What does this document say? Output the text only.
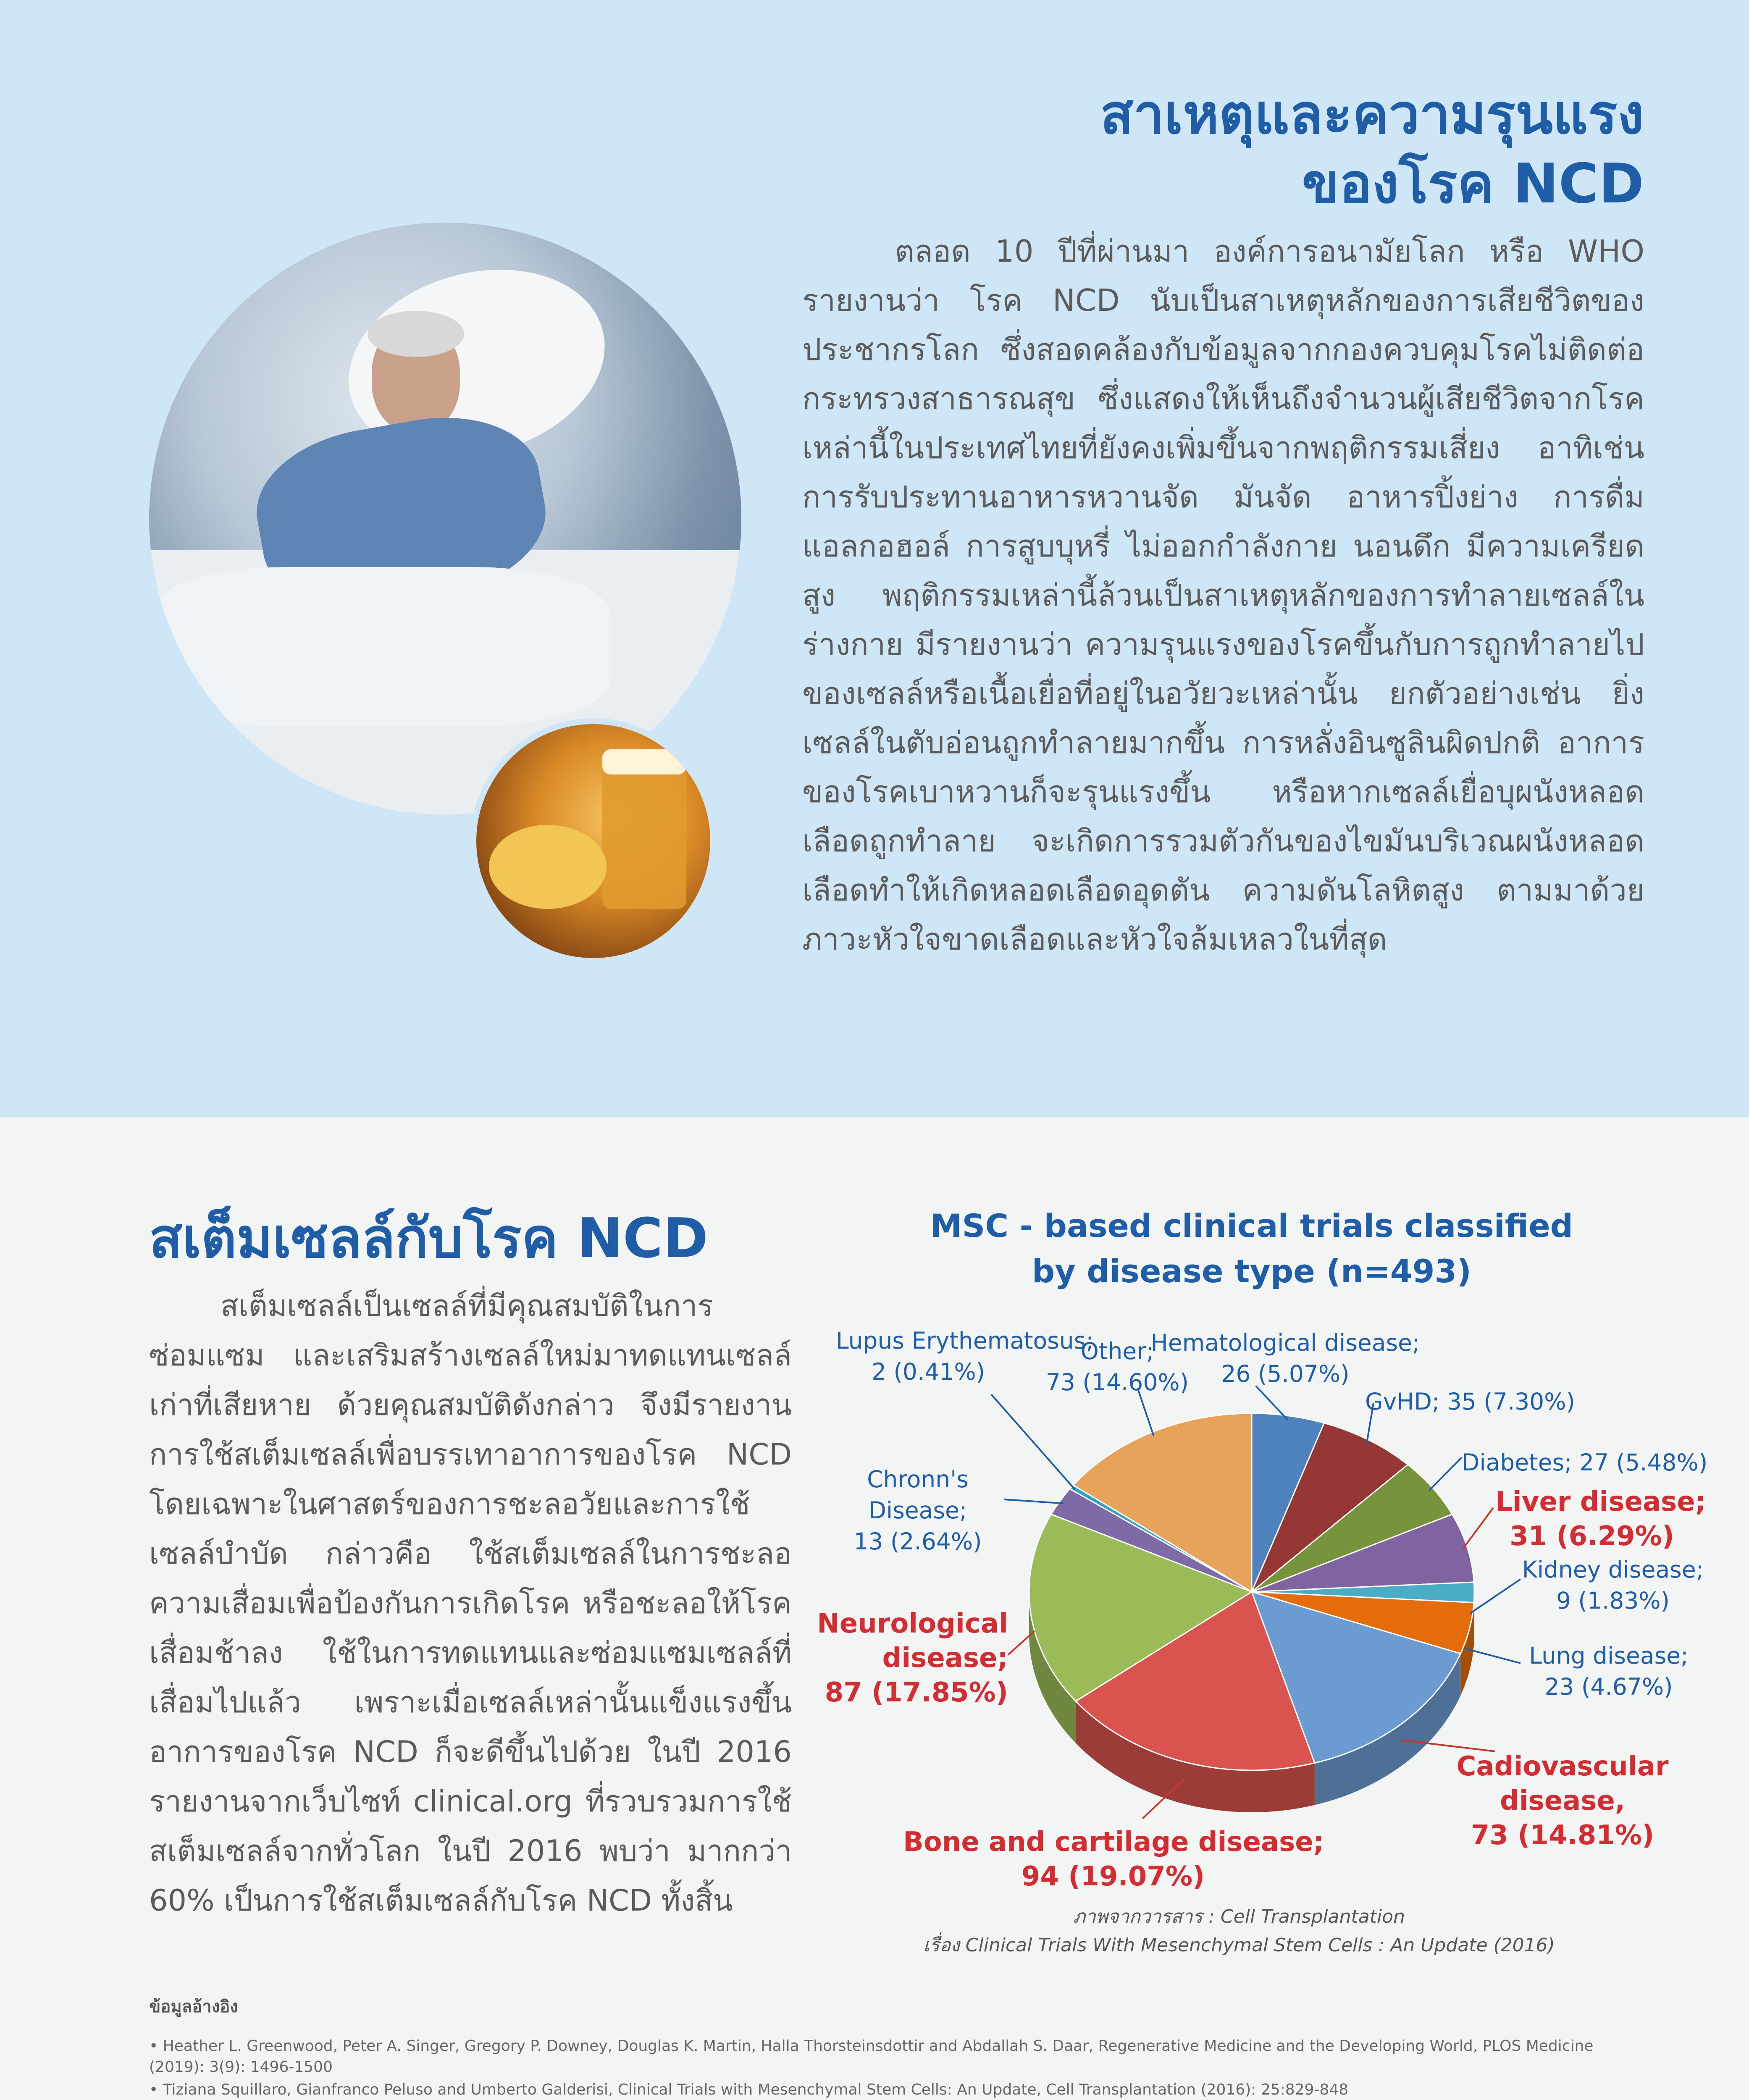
สาเหตุและความรุนแรง
ของโรค NCD
ตลอด 10 ปีที่ผ่านมา องค์การอนามัยโลก หรือ WHO รายงานว่า โรค NCD นับเป็นสาเหตุหลักของการเสียชีวิตของประชากรโลก ซึ่งสอดคล้องกับข้อมูลจากกองควบคุมโรคไม่ติดต่อ กระทรวงสาธารณสุข ซึ่งแสดงให้เห็นถึงจำนวนผู้เสียชีวิตจากโรคเหล่านี้ในประเทศไทยที่ยังคงเพิ่มขึ้นจากพฤติกรรมเสี่ยง อาทิเช่นการรับประทานอาหารหวานจัด มันจัด อาหารปิ้งย่าง การดื่มแอลกอฮอล์ การสูบบุหรี่ ไม่ออกกำลังกาย นอนดึก มีความเครียดสูง พฤติกรรมเหล่านี้ล้วนเป็นสาเหตุหลักของการทำลายเซลล์ในร่างกาย มีรายงานว่า ความรุนแรงของโรคขึ้นกับการถูกทำลายไปของเซลล์หรือเนื้อเยื่อที่อยู่ในอวัยวะเหล่านั้น ยกตัวอย่างเช่น ยิ่งเซลล์ในตับอ่อนถูกทำลายมากขึ้น การหลั่งอินซูลินผิดปกติ อาการของโรคเบาหวานก็จะรุนแรงขึ้น หรือหากเซลล์เยื่อบุผนังหลอดเลือดถูกทำลาย จะเกิดการรวมตัวกันของไขมันบริเวณผนังหลอดเลือดทำให้เกิดหลอดเลือดอุดตัน ความดันโลหิตสูง ตามมาด้วยภาวะหัวใจขาดเลือดและหัวใจล้มเหลวในที่สุด
สเต็มเซลล์กับโรค NCD
สเต็มเซลล์เป็นเซลล์ที่มีคุณสมบัติในการซ่อมแซม และเสริมสร้างเซลล์ใหม่มาทดแทนเซลล์เก่าที่เสียหาย ด้วยคุณสมบัติดังกล่าว จึงมีรายงานการใช้สเต็มเซลล์เพื่อบรรเทาอาการของโรค NCD โดยเฉพาะในศาสตร์ของการชะลอวัยและการใช้เซลล์บำบัด กล่าวคือ ใช้สเต็มเซลล์ในการชะลอความเสื่อมเพื่อป้องกันการเกิดโรค หรือชะลอให้โรคเสื่อมช้าลง ใช้ในการทดแทนและซ่อมแซมเซลล์ที่เสื่อมไปแล้ว เพราะเมื่อเซลล์เหล่านั้นแข็งแรงขึ้น อาการของโรค NCD ก็จะดีขึ้นไปด้วย ในปี 2016 รายงานจากเว็บไซท์ clinical.org ที่รวบรวมการใช้สเต็มเซลล์จากทั่วโลก ในปี 2016 พบว่า มากกว่า 60% เป็นการใช้สเต็มเซลล์กับโรค NCD ทั้งสิ้น
MSC - based clinical trials classified
by disease type (n=493)
Lupus Erythematosus;
2 (0.41%)
Other;
73 (14.60%)
Hematological disease;
26 (5.07%)
GvHD; 35 (7.30%)
Diabetes; 27 (5.48%)
Liver disease;
31 (6.29%)
Kidney disease;
9 (1.83%)
Lung disease;
23 (4.67%)
Cadiovascular disease,
73 (14.81%)
Bone and cartilage disease;
94 (19.07%)
Neurological disease;
87 (17.85%)
Chronn's Disease;
13 (2.64%)
ภาพจากวารสาร : Cell Transplantation
เรื่อง Clinical Trials With Mesenchymal Stem Cells : An Update (2016)
ข้อมูลอ้างอิง
• Heather L. Greenwood, Peter A. Singer, Gregory P. Downey, Douglas K. Martin, Halla Thorsteinsdottir and Abdallah S. Daar, Regenerative Medicine and the Developing World, PLOS Medicine (2019): 3(9): 1496-1500
• Tiziana Squillaro, Gianfranco Peluso and Umberto Galderisi, Clinical Trials with Mesenchymal Stem Cells: An Update, Cell Transplantation (2016): 25:829-848
